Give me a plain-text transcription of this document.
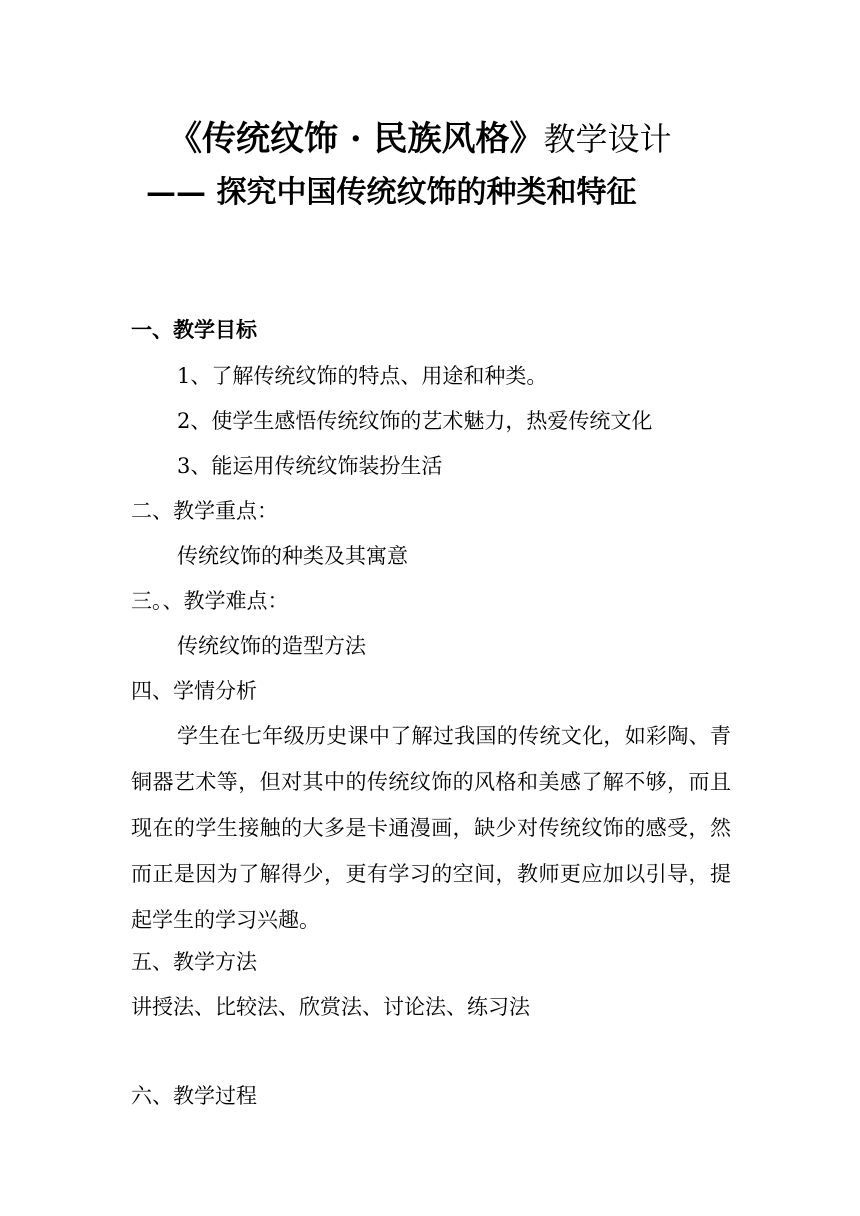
《传统纹饰 · 民族风格》教学设计
—— 探究中国传统纹饰的种类和特征
一、教学目标
1、了解传统纹饰的特点、用途和种类。
2、使学生感悟传统纹饰的艺术魅力，热爱传统文化
3、能运用传统纹饰装扮生活
二、教学重点：
传统纹饰的种类及其寓意
三。、教学难点：
传统纹饰的造型方法
四、学情分析
学生在七年级历史课中了解过我国的传统文化，如彩陶、青铜器艺术等，但对其中的传统纹饰的风格和美感了解不够，而且现在的学生接触的大多是卡通漫画，缺少对传统纹饰的感受，然而正是因为了解得少，更有学习的空间，教师更应加以引导，提起学生的学习兴趣。
五、教学方法
讲授法、比较法、欣赏法、讨论法、练习法
六、教学过程
